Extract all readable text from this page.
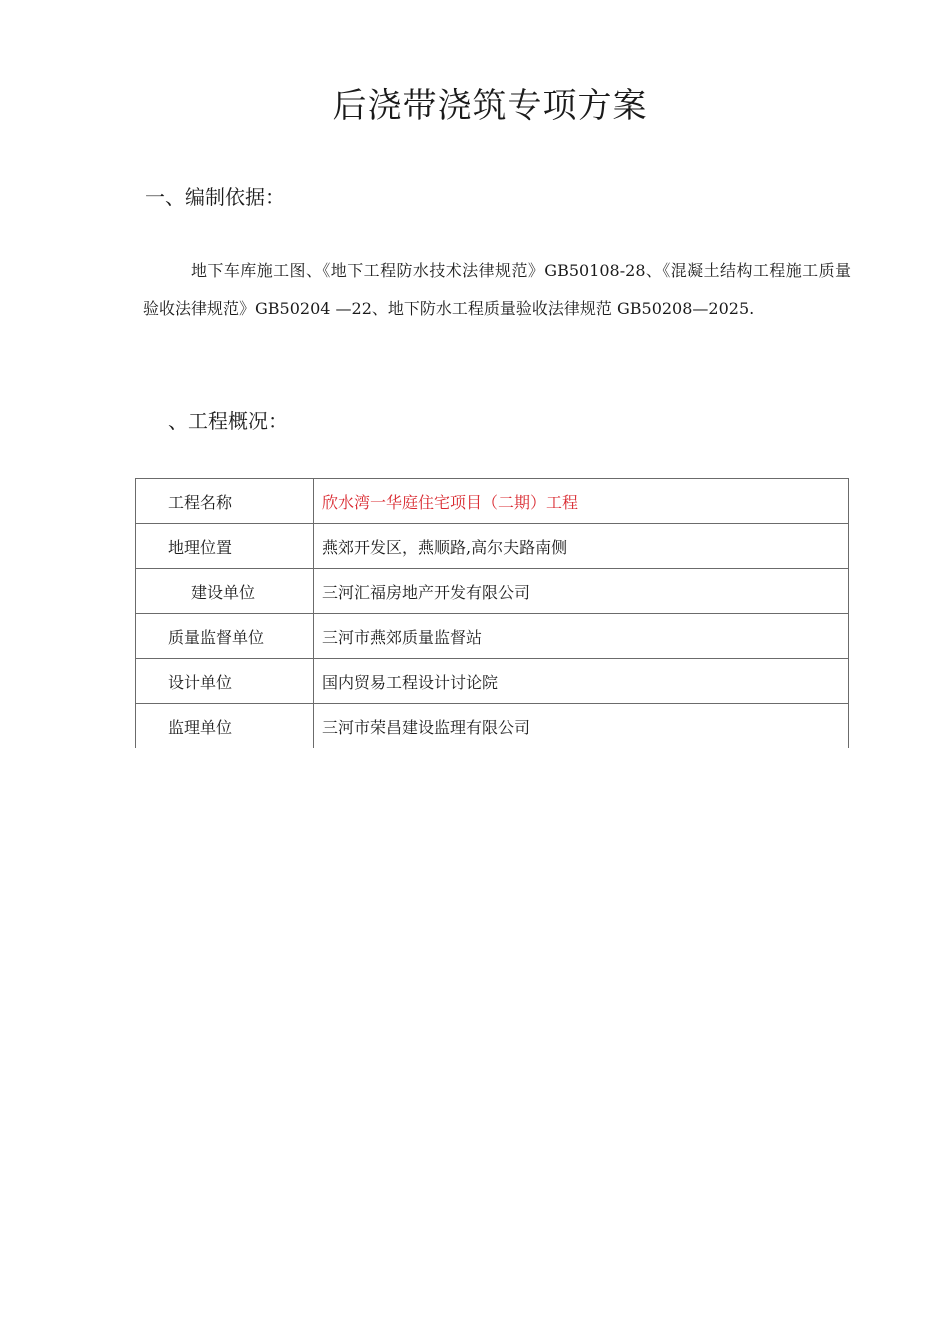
后浇带浇筑专项方案
一、编制依据：

地下车库施工图、《地下工程防水技术法律规范》GB50108-28、《混凝土结构工程施工质量验收法律规范》GB50204 —22、地下防水工程质量验收法律规范 GB50208—2025.

、工程概况：
工程名称	欣水湾一华庭住宅项目（二期）工程
地理位置	燕郊开发区，燕顺路,高尔夫路南侧
建设单位	三河汇福房地产开发有限公司
质量监督单位	三河市燕郊质量监督站
设计单位	国内贸易工程设计讨论院
监理单位	三河市荣昌建设监理有限公司
